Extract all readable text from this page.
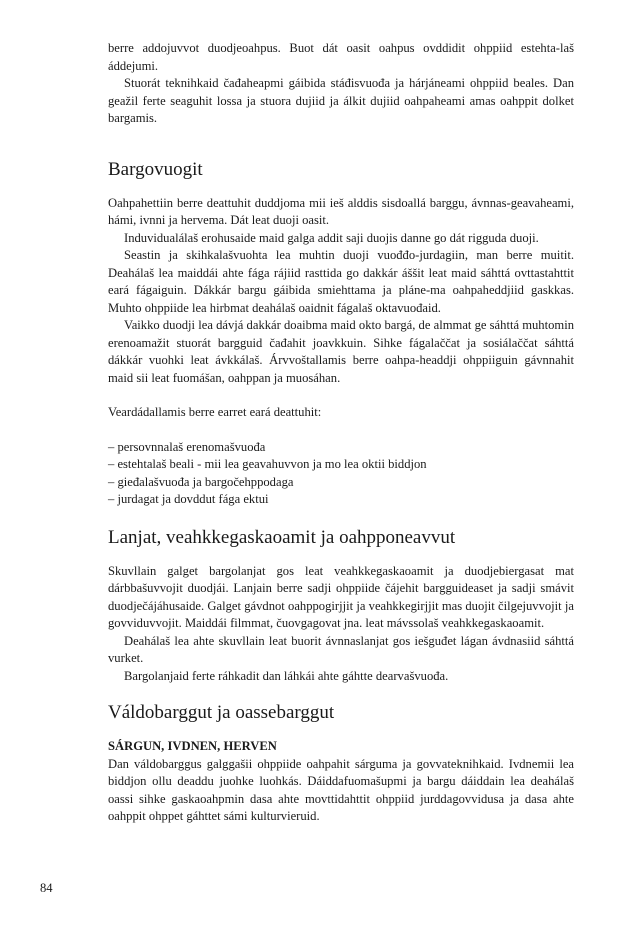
berre addojuvvot duodjeoahpus. Buot dát oasit oahpus ovddidit ohppiid estehta-laš áddejumi.

Stuorát teknihkaid čađaheapmi gáibida stáđisvuođa ja hárjáneami ohppiid beales. Dan geažil ferte seaguhit lossa ja stuora dujiid ja álkit dujiid oahpaheami amas oahppit dolket bargamis.

Bargovuogit

Oahpahettiin berre deattuhit duddjoma mii ieš alddis sisdoallá barggu, ávnnas-geavaheami, hámi, ivnni ja hervema. Dát leat duoji oasit.

Induvidualálaš erohusaide maid galga addit saji duojis danne go dát rigguda duoji.

Seastin ja skihkalašvuohta lea muhtin duoji vuođđo-jurdagiin, man berre muitit. Deahálaš lea maiddái ahte fága rájiid rasttida go dakkár áššit leat maid sáhttá ovttastahttit eará fágaiguin. Dákkár bargu gáibida smiehttama ja pláne-ma oahpaheddjiid gaskkas. Muhto ohppiide lea hirbmat deahálaš oaidnit fágalaš oktavuođaid.

Vaikko duodji lea dávjá dakkár doaibma maid okto bargá, de almmat ge sáhttá muhtomin erenoamažit stuorát bargguid čađahit joavkkuin. Sihke fágalaččat ja sosiálaččat sáhttá dákkár vuohki leat ávkkálaš. Árvvoštallamis berre oahpa-headdji ohppiiguin gávnnahit maid sii leat fuomášan, oahppan ja muosáhan.

Veardádallamis berre earret eará deattuhit:

– persovnnalaš erenomašvuođa
– estehtalaš beali - mii lea geavahuvvon ja mo lea oktii biddjon
– gieđalašvuođa ja bargočehppodaga
– jurdagat ja dovddut fága ektui
Lanjat, veahkkegaskaoamit ja oahpponeavvut

Skuvllain galget bargolanjat gos leat veahkkegaskaoamit ja duodjebiergasat mat dárbbašuvvojit duodjái. Lanjain berre sadji ohppiide čájehit bargguideaset ja sadji smávit duodječájáhusaide. Galget gávdnot oahppogirjjit ja veahkkegirjjit mas duojit čilgejuvvojit ja govviduvvojit. Maiddái filmmat, čuovgagovat jna. leat mávssolaš veahkkegaskaoamit.

Deahálaš lea ahte skuvllain leat buorit ávnnaslanjat gos iešguđet lágan ávdnasiid sáhttá vurket.

Bargolanjaid ferte ráhkadit dan láhkái ahte gáhtte dearvašvuođa.

Váldobarggut ja oassebarggut

SÁRGUN, IVDNEN, HERVEN

Dan váldobarggus galggašii ohppiide oahpahit sárguma ja govvateknihkaid. Ivdnemii lea biddjon ollu deaddu juohke luohkás. Dáiddafuomašupmi ja bargu dáiddain lea deahálaš oassi sihke gaskaoahpmin dasa ahte movttidahttit ohppiid jurddagovvidusa ja dasa ahte oahppit ohppet gáhttet sámi kulturvieruid.

84
